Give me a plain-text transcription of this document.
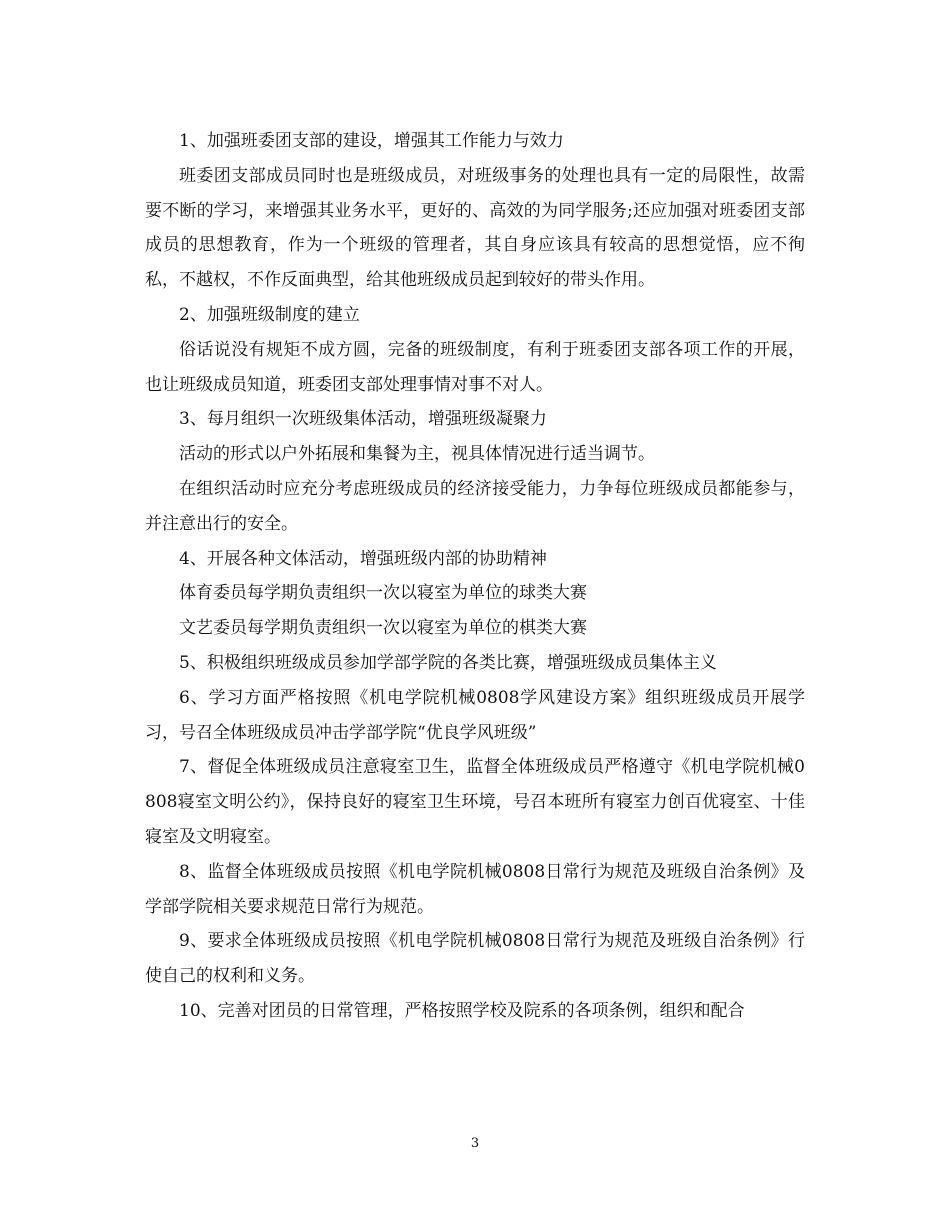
1、加强班委团支部的建设，增强其工作能力与效力

班委团支部成员同时也是班级成员，对班级事务的处理也具有一定的局限性，故需要不断的学习，来增强其业务水平，更好的、高效的为同学服务;还应加强对班委团支部成员的思想教育，作为一个班级的管理者，其自身应该具有较高的思想觉悟，应不徇私，不越权，不作反面典型，给其他班级成员起到较好的带头作用。

2、加强班级制度的建立

俗话说没有规矩不成方圆，完备的班级制度，有利于班委团支部各项工作的开展，也让班级成员知道，班委团支部处理事情对事不对人。

3、每月组织一次班级集体活动，增强班级凝聚力

活动的形式以户外拓展和集餐为主，视具体情况进行适当调节。

在组织活动时应充分考虑班级成员的经济接受能力，力争每位班级成员都能参与，并注意出行的安全。

4、开展各种文体活动，增强班级内部的协助精神

体育委员每学期负责组织一次以寝室为单位的球类大赛

文艺委员每学期负责组织一次以寝室为单位的棋类大赛

5、积极组织班级成员参加学部学院的各类比赛，增强班级成员集体主义

6、学习方面严格按照《机电学院机械0808学风建设方案》组织班级成员开展学习，号召全体班级成员冲击学部学院“优良学风班级”

7、督促全体班级成员注意寝室卫生，监督全体班级成员严格遵守《机电学院机械0808寝室文明公约》，保持良好的寝室卫生环境，号召本班所有寝室力创百优寝室、十佳寝室及文明寝室。

8、监督全体班级成员按照《机电学院机械0808日常行为规范及班级自治条例》及学部学院相关要求规范日常行为规范。

9、要求全体班级成员按照《机电学院机械0808日常行为规范及班级自治条例》行使自己的权利和义务。

10、完善对团员的日常管理，严格按照学校及院系的各项条例，组织和配合

3
